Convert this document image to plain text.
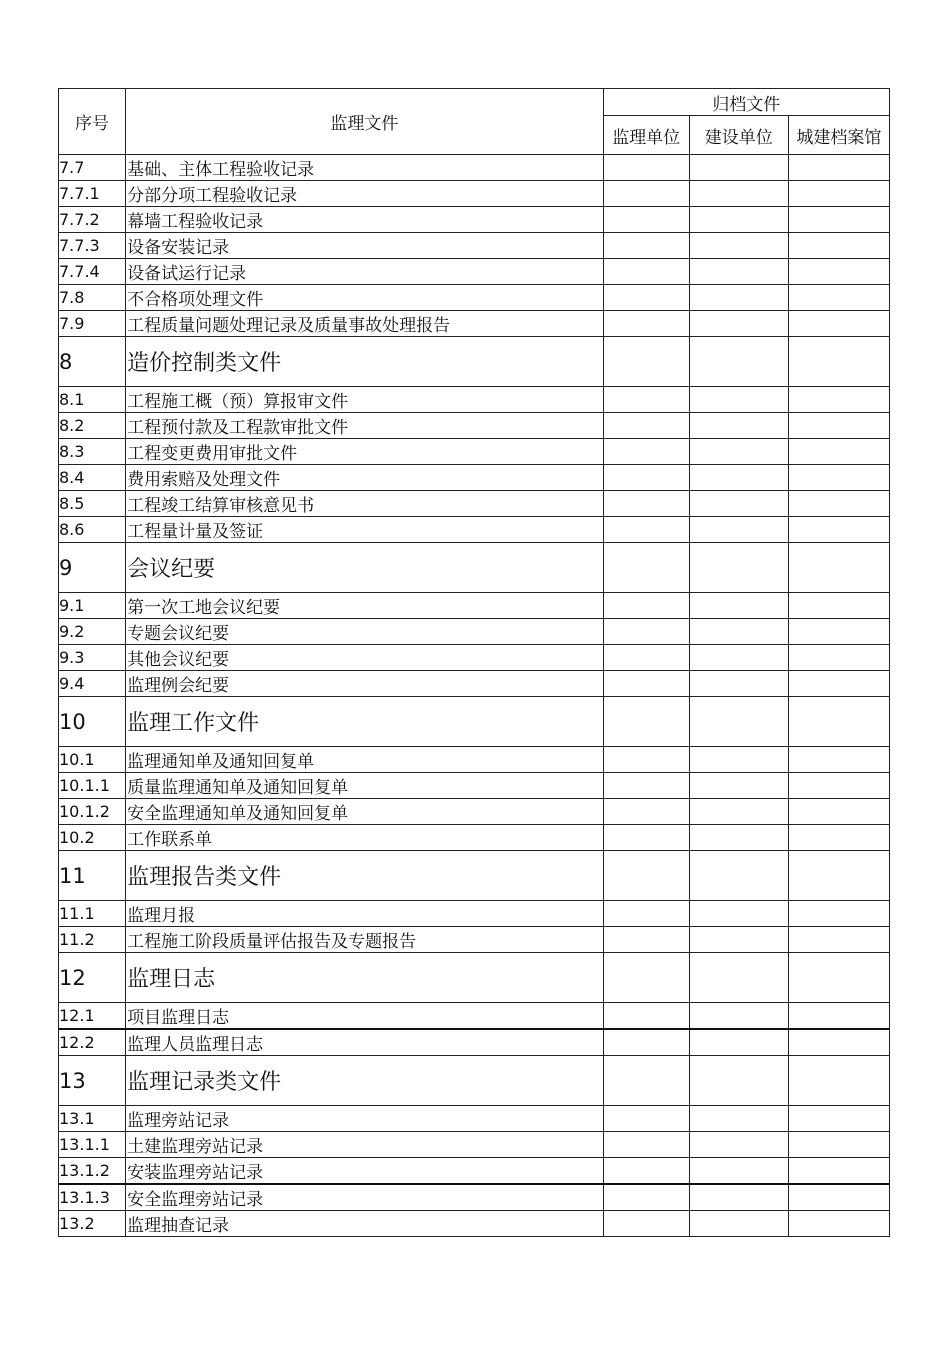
序号	监理文件	归档文件		
		监理单位	建设单位	城建档案馆
7.7	基础、主体工程验收记录			
7.7.1	分部分项工程验收记录			
7.7.2	幕墙工程验收记录			
7.7.3	设备安装记录			
7.7.4	设备试运行记录			
7.8	不合格项处理文件			
7.9	工程质量问题处理记录及质量事故处理报告			
8	造价控制类文件			
8.1	工程施工概（预）算报审文件			
8.2	工程预付款及工程款审批文件			
8.3	工程变更费用审批文件			
8.4	费用索赔及处理文件			
8.5	工程竣工结算审核意见书			
8.6	工程量计量及签证			
9	会议纪要			
9.1	第一次工地会议纪要			
9.2	专题会议纪要			
9.3	其他会议纪要			
9.4	监理例会纪要			
10	监理工作文件			
10.1	监理通知单及通知回复单			
10.1.1	质量监理通知单及通知回复单			
10.1.2	安全监理通知单及通知回复单			
10.2	工作联系单			
11	监理报告类文件			
11.1	监理月报			
11.2	工程施工阶段质量评估报告及专题报告			
12	监理日志			
12.1	项目监理日志			
12.2	监理人员监理日志			
13	监理记录类文件			
13.1	监理旁站记录			
13.1.1	土建监理旁站记录			
13.1.2	安装监理旁站记录			
13.1.3	安全监理旁站记录			
13.2	监理抽查记录			
